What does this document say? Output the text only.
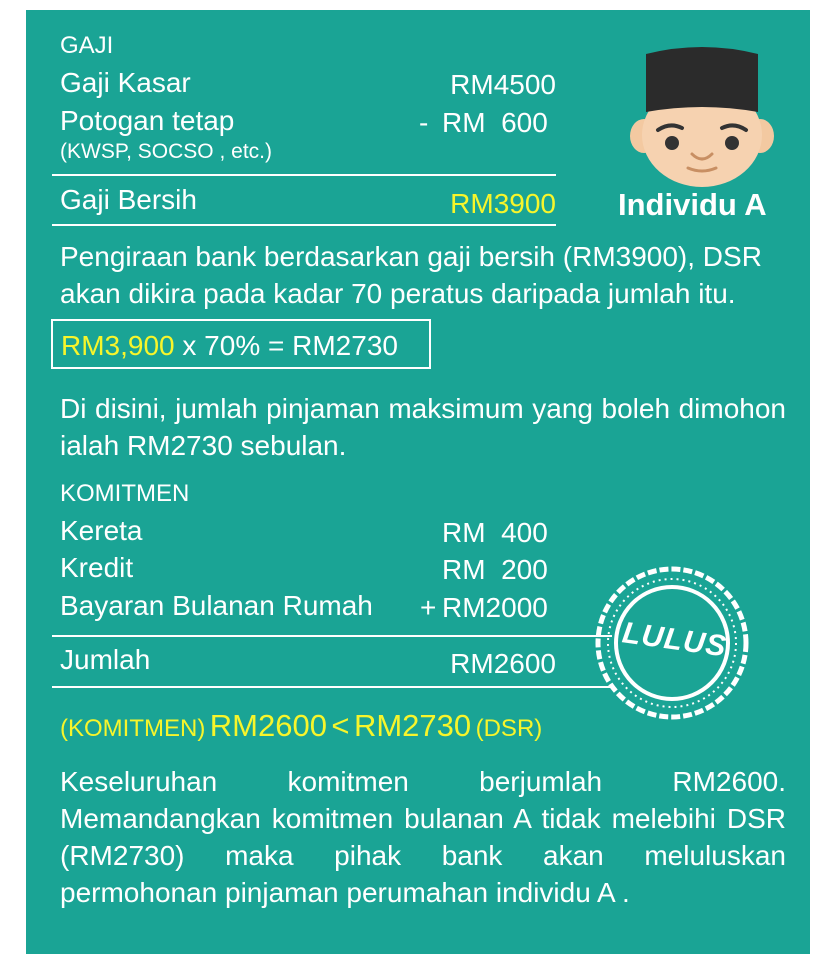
GAJI
Gaji Kasar	RM4500
Potogan tetap	- RM  600
(KWSP, SOCSO , etc.)
Gaji Bersih	RM3900 Individu A
Pengiraan bank berdasarkan gaji bersih (RM3900), DSR akan dikira pada kadar 70 peratus daripada jumlah itu.
RM3,900 x 70% = RM2730
Di disini, jumlah pinjaman maksimum yang boleh dimohon ialah RM2730 sebulan.
KOMITMEN
Kereta	RM  400
Kredit	RM  200
Bayaran Bulanan Rumah + RM2000
Jumlah	RM2600
LULUS
(KOMITMEN) RM2600 < RM2730 (DSR)
Keseluruhan komitmen berjumlah RM2600. Memandangkan komitmen bulanan A tidak melebihi DSR (RM2730) maka pihak bank akan meluluskan permohonan pinjaman perumahan individu A .
